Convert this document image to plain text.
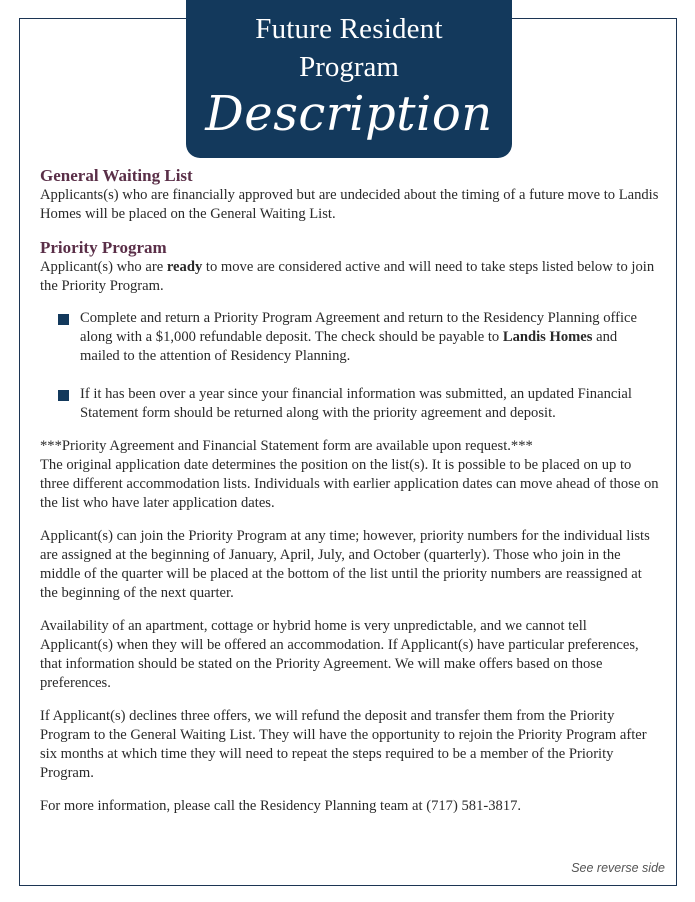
Future Resident
Program
Description
General Waiting List

Applicants(s) who are financially approved but are undecided about the timing of a future move to Landis Homes will be placed on the General Waiting List.

Priority Program

Applicant(s) who are ready to move are considered active and will need to take steps listed below to join the Priority Program.

Complete and return a Priority Program Agreement and return to the Residency Planning office along with a $1,000 refundable deposit. The check should be payable to Landis Homes and mailed to the attention of Residency Planning.
If it has been over a year since your financial information was submitted, an updated Financial Statement form should be returned along with the priority agreement and deposit.

***Priority Agreement and Financial Statement form are available upon request.***

The original application date determines the position on the list(s). It is possible to be placed on up to three different accommodation lists. Individuals with earlier application dates can move ahead of those on the list who have later application dates.

Applicant(s) can join the Priority Program at any time; however, priority numbers for the individual lists are assigned at the beginning of January, April, July, and October (quarterly). Those who join in the middle of the quarter will be placed at the bottom of the list until the priority numbers are reassigned at the beginning of the next quarter.

Availability of an apartment, cottage or hybrid home is very unpredictable, and we cannot tell Applicant(s) when they will be offered an accommodation. If Applicant(s) have particular preferences, that information should be stated on the Priority Agreement. We will make offers based on those preferences.

If Applicant(s) declines three offers, we will refund the deposit and transfer them from the Priority Program to the General Waiting List. They will have the opportunity to rejoin the Priority Program after six months at which time they will need to repeat the steps required to be a member of the Priority Program.

For more information, please call the Residency Planning team at (717) 581-3817.

See reverse side
